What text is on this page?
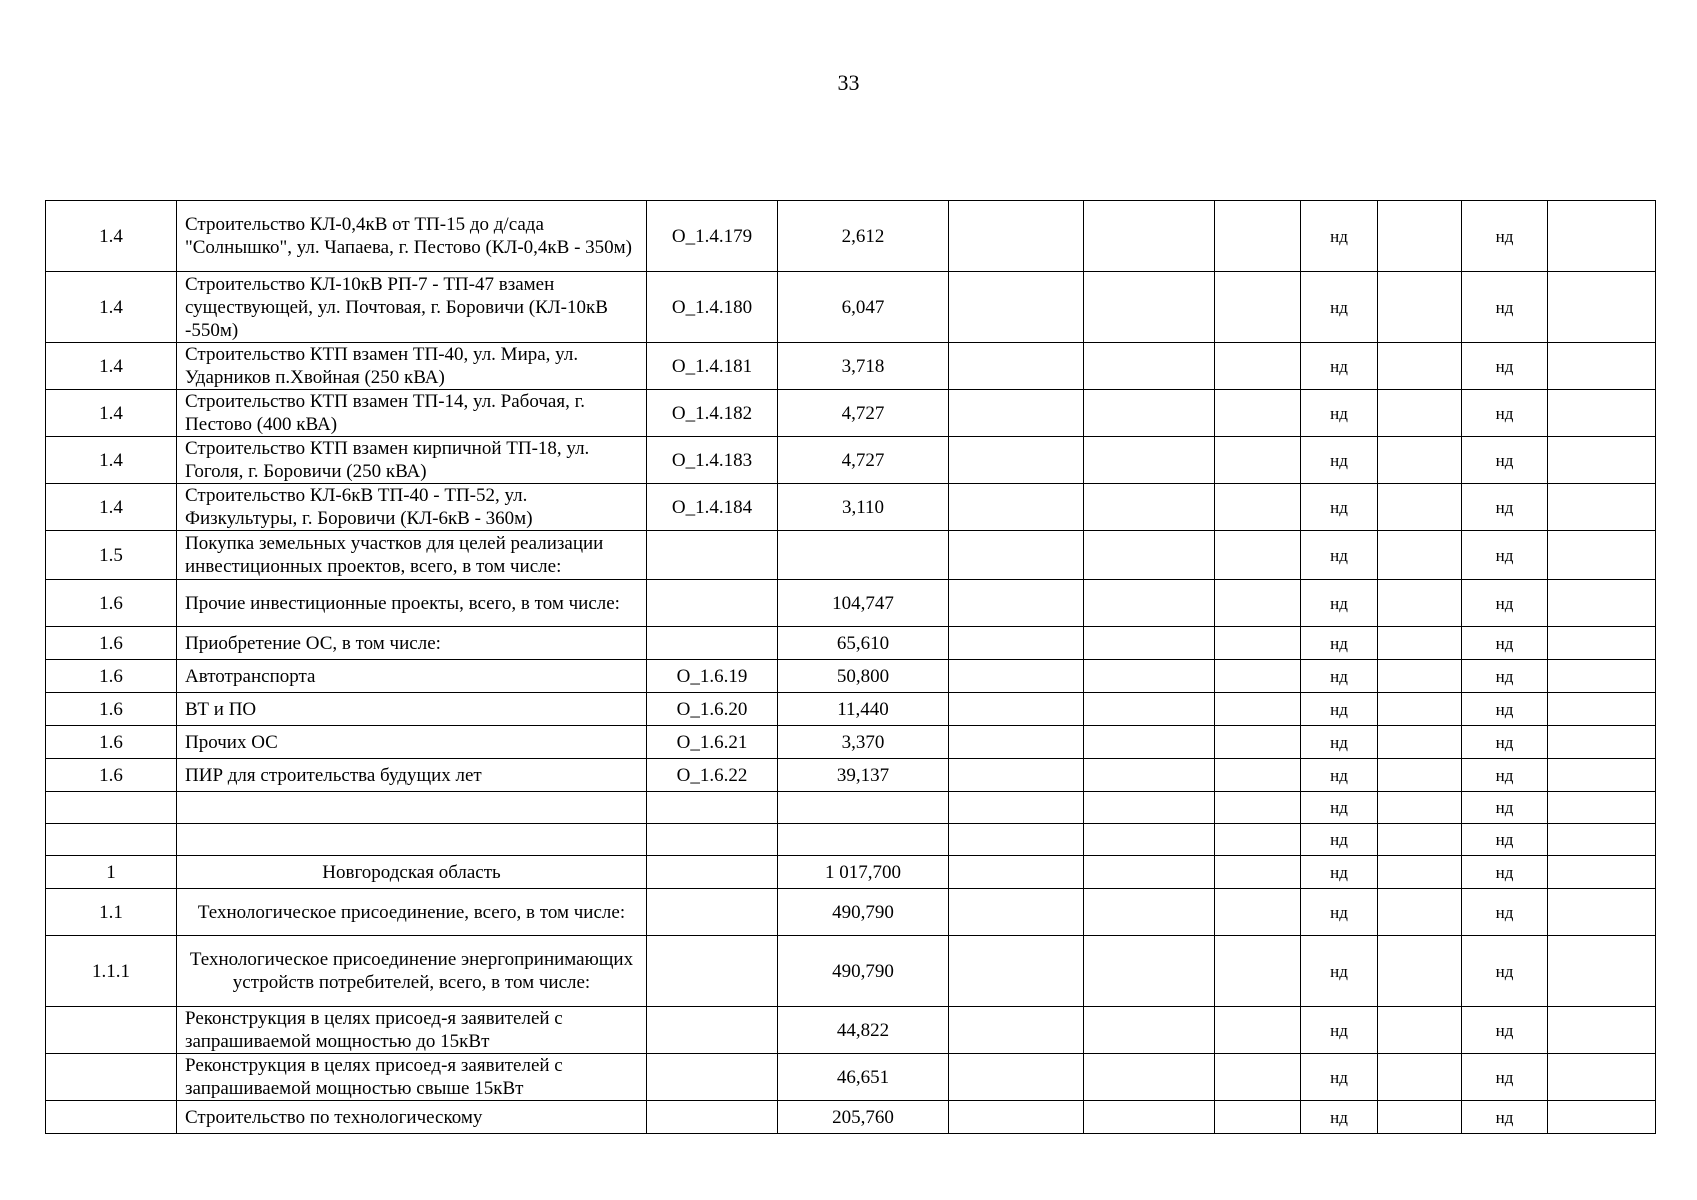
33
1.4	Строительство КЛ-0,4кВ от ТП-15 до д/сада "Солнышко", ул. Чапаева, г. Пестово (КЛ-0,4кВ - 350м)	О_1.4.179	2,612				нд		нд	
1.4	Строительство КЛ-10кВ РП-7 - ТП-47 взамен существующей, ул. Почтовая, г. Боровичи (КЛ-10кВ -550м)	О_1.4.180	6,047				нд		нд	
1.4	Строительство КТП взамен ТП-40, ул. Мира, ул. Ударников п.Хвойная (250 кВА)	О_1.4.181	3,718				нд		нд	
1.4	Строительство КТП взамен ТП-14, ул. Рабочая, г. Пестово (400 кВА)	О_1.4.182	4,727				нд		нд	
1.4	Строительство КТП взамен кирпичной ТП-18, ул. Гоголя, г. Боровичи (250 кВА)	О_1.4.183	4,727				нд		нд	
1.4	Строительство КЛ-6кВ ТП-40 - ТП-52, ул. Физкультуры, г. Боровичи (КЛ-6кВ - 360м)	О_1.4.184	3,110				нд		нд	
1.5	Покупка земельных участков для целей реализации инвестиционных проектов, всего, в том числе:						нд		нд	
1.6	Прочие инвестиционные проекты, всего, в том числе:		104,747				нд		нд	
1.6	Приобретение ОС, в том числе:		65,610				нд		нд	
1.6	Автотранспорта	О_1.6.19	50,800				нд		нд	
1.6	ВТ и ПО	О_1.6.20	11,440				нд		нд	
1.6	Прочих ОС	О_1.6.21	3,370				нд		нд	
1.6	ПИР для строительства будущих лет	О_1.6.22	39,137				нд		нд	
							нд		нд	
							нд		нд	
1	Новгородская область		1 017,700				нд		нд	
1.1	Технологическое присоединение, всего, в том числе:		490,790				нд		нд	
1.1.1	Технологическое присоединение энергопринимающих устройств потребителей, всего, в том числе:		490,790				нд		нд	
	Реконструкция в целях присоед-я заявителей с запрашиваемой мощностью до 15кВт		44,822				нд		нд	
	Реконструкция в целях присоед-я заявителей с запрашиваемой мощностью свыше 15кВт		46,651				нд		нд	
	Строительство по технологическому		205,760				нд		нд	
